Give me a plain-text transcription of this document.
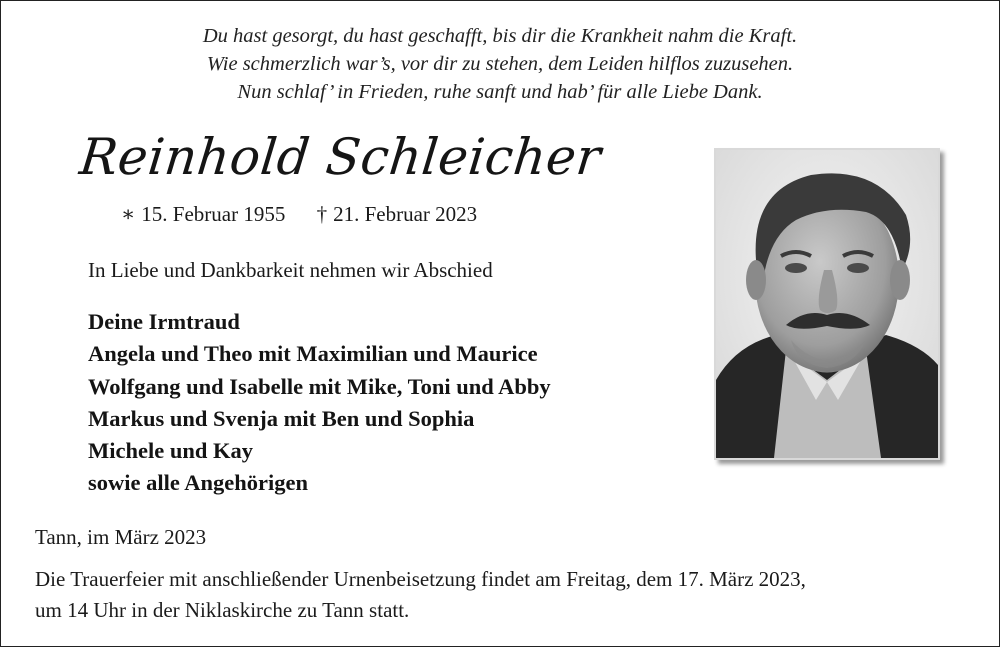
Du hast gesorgt, du hast geschafft, bis dir die Krankheit nahm die Kraft.
Wie schmerzlich war’s, vor dir zu stehen, dem Leiden hilflos zuzusehen.
Nun schlaf’ in Frieden, ruhe sanft und hab’ für alle Liebe Dank.
Reinhold Schleicher
∗ 15. Februar 1955 † 21. Februar 2023
In Liebe und Dankbarkeit nehmen wir Abschied
Deine Irmtraud
Angela und Theo mit Maximilian und Maurice
Wolfgang und Isabelle mit Mike, Toni und Abby
Markus und Svenja mit Ben und Sophia
Michele und Kay
sowie alle Angehörigen
Tann, im März 2023
Die Trauerfeier mit anschließender Urnenbeisetzung findet am Freitag, dem 17. März 2023,
um 14 Uhr in der Niklaskirche zu Tann statt.
